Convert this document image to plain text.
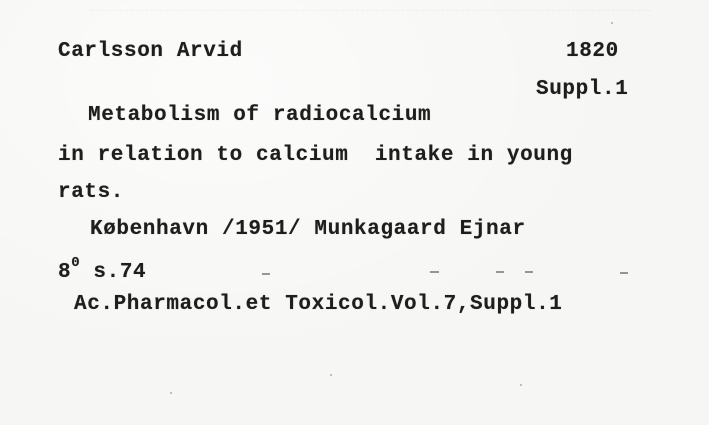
Carlsson Arvid	1820
Suppl.1
Metabolism of radiocalcium
in relation to calcium  intake in young
rats.
København /1951/ Munkagaard Ejnar
$8^0$ s.74
Ac.Pharmacol.et Toxicol.Vol.7,Suppl.1
